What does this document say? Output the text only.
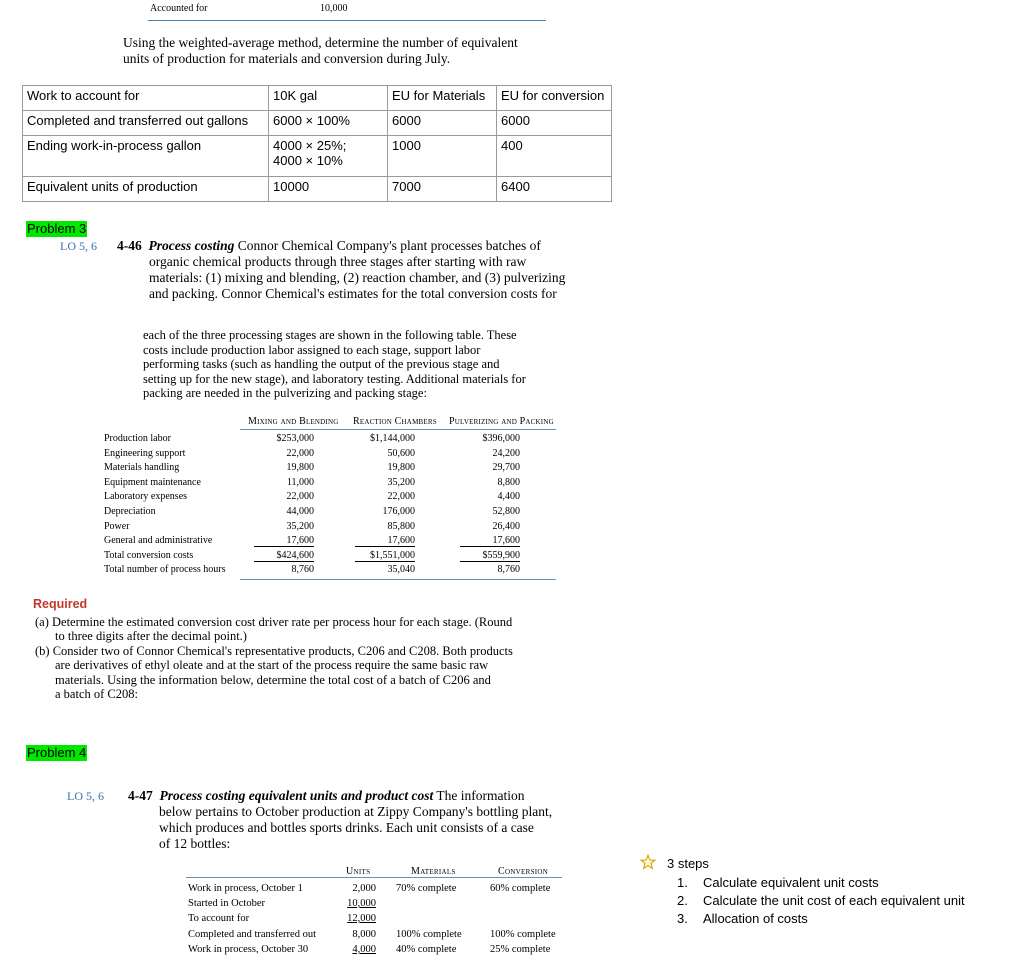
Accounted for	10,000
Using the weighted-average method, determine the number of equivalent
units of production for materials and conversion during July.
Work to account for	10K gal	EU for Materials	EU for conversion
Completed and transferred out gallons	6000 × 100%	6000	6000
Ending work-in-process gallon	4000 × 25%;
4000 × 10%	1000	400
Equivalent units of production	10000	7000	6400
Problem 3
LO 5, 6 4-46 Process costing Connor Chemical Company's plant processes batches of
organic chemical products through three stages after starting with raw
materials: (1) mixing and blending, (2) reaction chamber, and (3) pulverizing
and packing. Connor Chemical's estimates for the total conversion costs for
each of the three processing stages are shown in the following table. These
costs include production labor assigned to each stage, support labor
performing tasks (such as handling the output of the previous stage and
setting up for the new stage), and laboratory testing. Additional materials for
packing are needed in the pulverizing and packing stage:
Mixing and Blending Reaction Chambers Pulverizing and Packing
Production labor	$253,000	$1,144,000	$396,000
Engineering support	22,000	50,600	24,200
Materials handling	19,800	19,800	29,700
Equipment maintenance	11,000	35,200	8,800
Laboratory expenses	22,000	22,000	4,400
Depreciation	44,000	176,000	52,800
Power	35,200	85,800	26,400
General and administrative	17,600	17,600	17,600
Total conversion costs	$424,600	$1,551,000	$559,900
Total number of process hours	8,760	35,040	8,760
Required
(a) Determine the estimated conversion cost driver rate per process hour for each stage. (Round
to three digits after the decimal point.)
(b) Consider two of Connor Chemical's representative products, C206 and C208. Both products
are derivatives of ethyl oleate and at the start of the process require the same basic raw
materials. Using the information below, determine the total cost of a batch of C206 and
a batch of C208:
Problem 4
LO 5, 6 4-47 Process costing equivalent units and product cost The information
below pertains to October production at Zippy Company's bottling plant,
which produces and bottles sports drinks. Each unit consists of a case
of 12 bottles:
Units	Materials	Conversion
Work in process, October 1	2,000 70% complete	60% complete
Started in October	10,000
To account for	12,000
Completed and transferred out	8,000 100% complete	100% complete
Work in process, October 30	4,000 40% complete	25% complete
3 steps
1. Calculate equivalent unit costs
2. Calculate the unit cost of each equivalent unit
3. Allocation of costs
